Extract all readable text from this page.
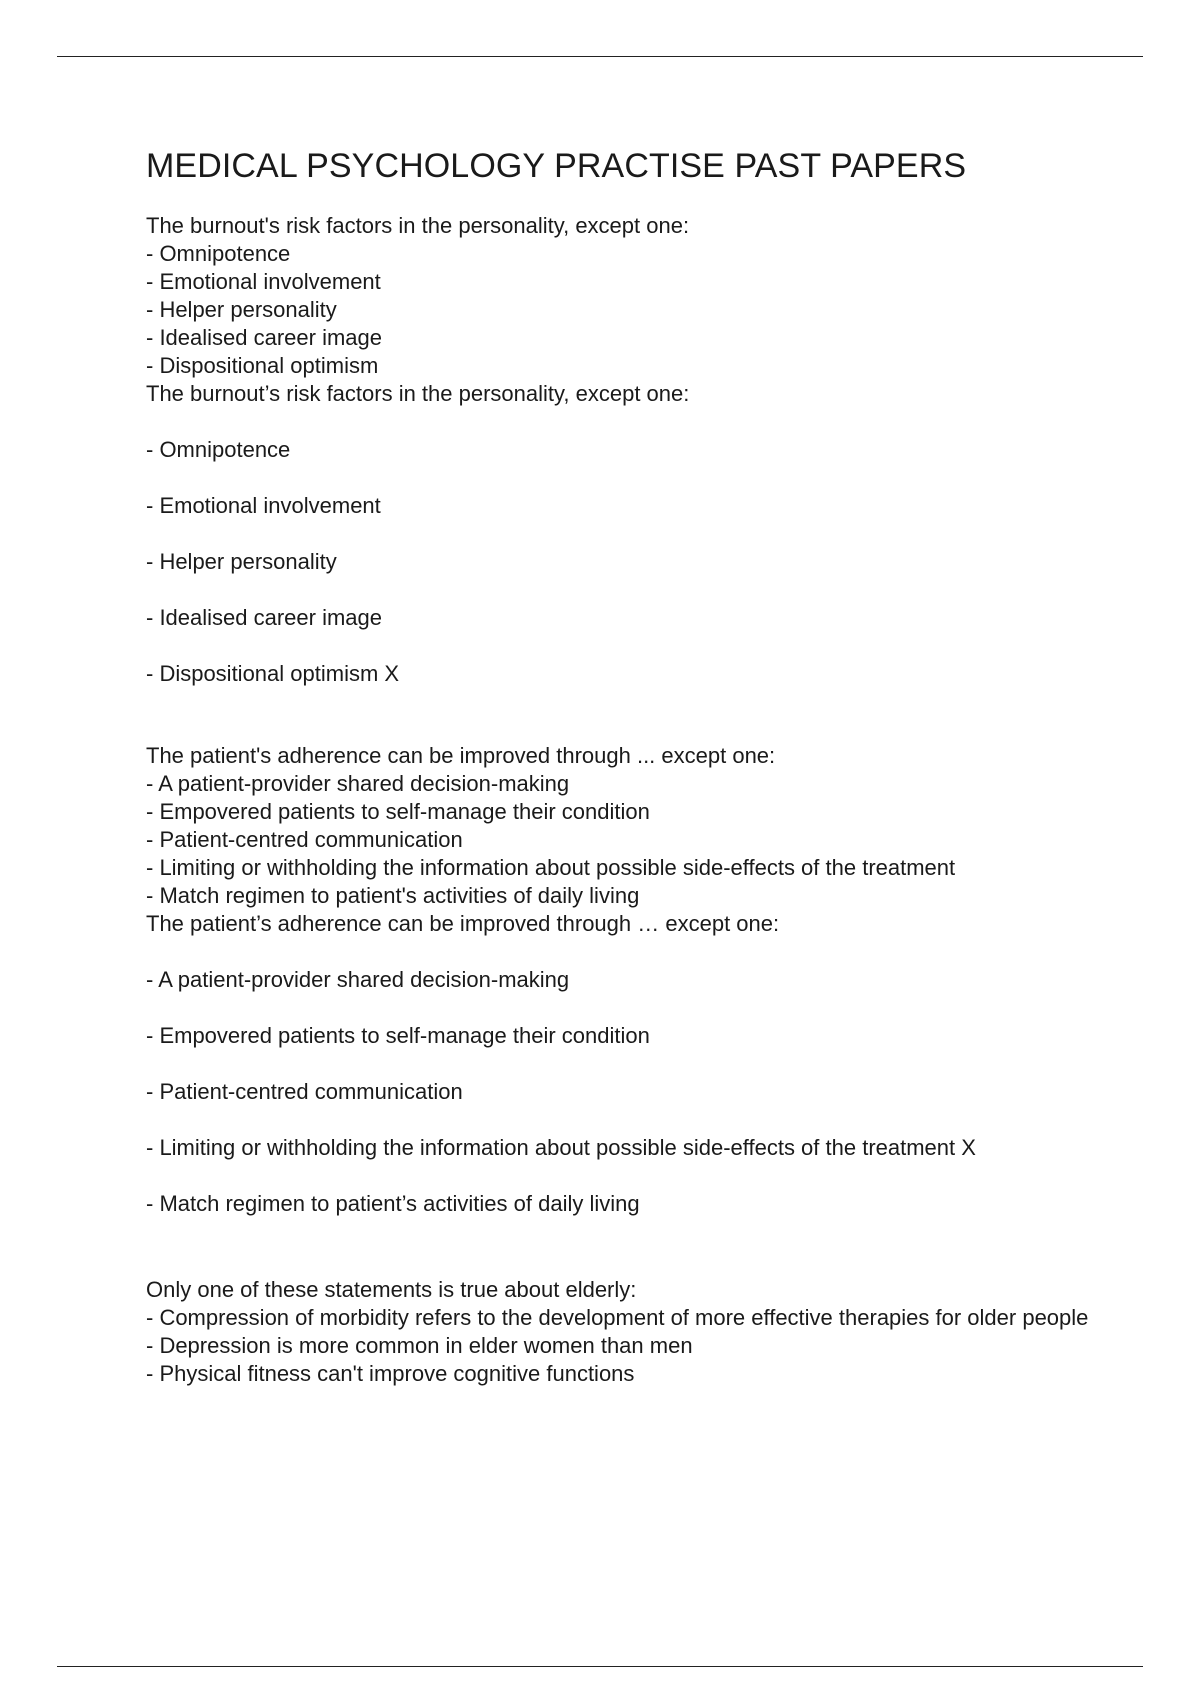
MEDICAL PSYCHOLOGY PRACTISE PAST PAPERS

The burnout's risk factors in the personality, except one:

- Omnipotence

- Emotional involvement

- Helper personality

- Idealised career image

- Dispositional optimism

The burnout’s risk factors in the personality, except one:

- Omnipotence

- Emotional involvement

- Helper personality

- Idealised career image

- Dispositional optimism X

The patient's adherence can be improved through ... except one:

- A patient-provider shared decision-making

- Empovered patients to self-manage their condition

- Patient-centred communication

- Limiting or withholding the information about possible side-effects of the treatment

- Match regimen to patient's activities of daily living

The patient’s adherence can be improved through … except one:

- A patient-provider shared decision-making

- Empovered patients to self-manage their condition

- Patient-centred communication

- Limiting or withholding the information about possible side-effects of the treatment X

- Match regimen to patient’s activities of daily living

Only one of these statements is true about elderly:

- Compression of morbidity refers to the development of more effective therapies for older people

- Depression is more common in elder women than men

- Physical fitness can't improve cognitive functions
